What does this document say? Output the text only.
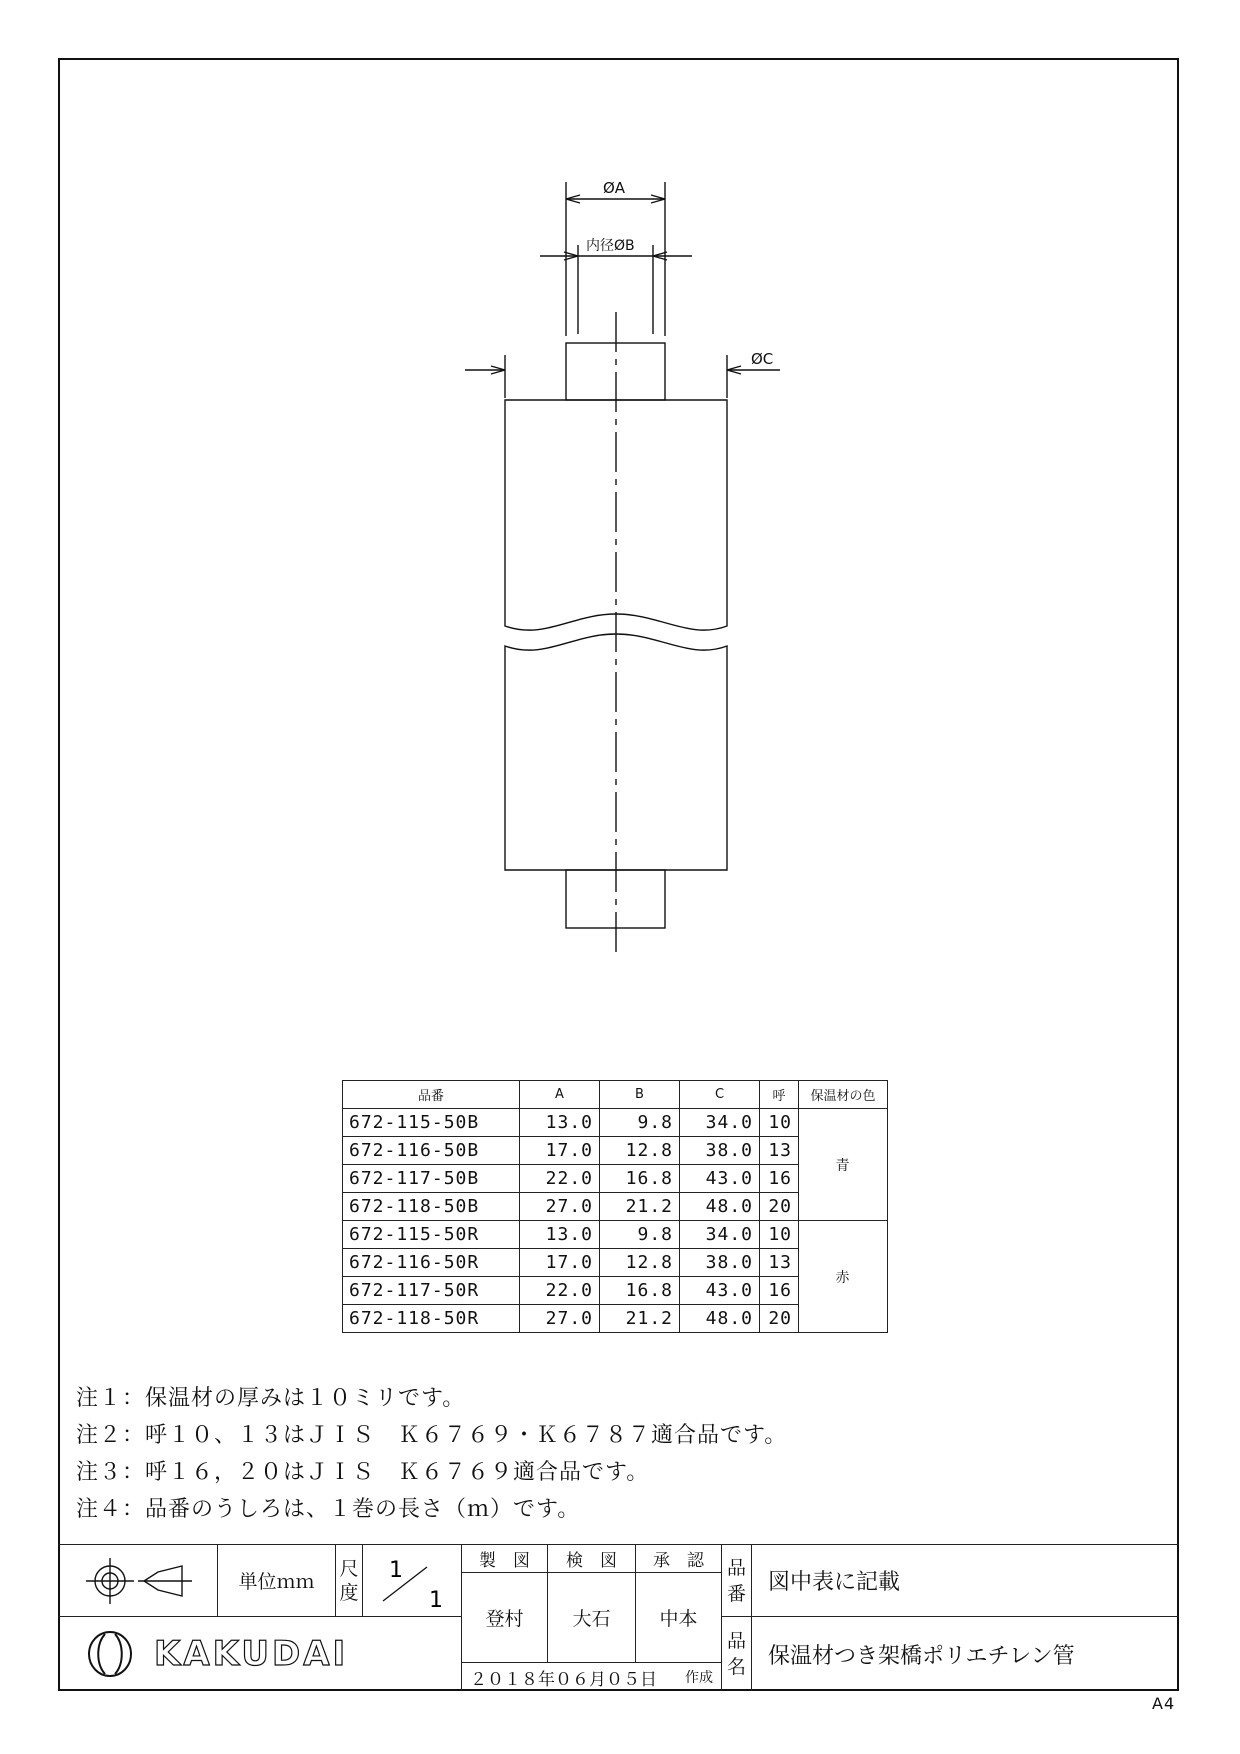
ØA
内径ØB
ØC
品番	A	B	C	呼	保温材の色
672-115-50B	13.0	9.8	34.0	10	青
672-116-50B	17.0	12.8	38.0	13	
672-117-50B	22.0	16.8	43.0	16	
672-118-50B	27.0	21.2	48.0	20	
672-115-50R	13.0	9.8	34.0	10	赤
672-116-50R	17.0	12.8	38.0	13	
672-117-50R	22.0	16.8	43.0	16	
672-118-50R	27.0	21.2	48.0	20	
注１：保温材の厚みは１０ミリです。
注２：呼１０、１３はＪＩＳ　Ｋ６７６９・Ｋ６７８７適合品です。
注３：呼１６，２０はＪＩＳ　Ｋ６７６９適合品です。
注４：品番のうしろは、１巻の長さ（ｍ）です。
単位ｍｍ
尺
度
1
1
製　図	検　図	承　認
登村	大石	中本
品
番	図中表に記載
KAKUDAI
２０１８年０６月０５日 作成
品
名	保温材つき架橋ポリエチレン管
A4
